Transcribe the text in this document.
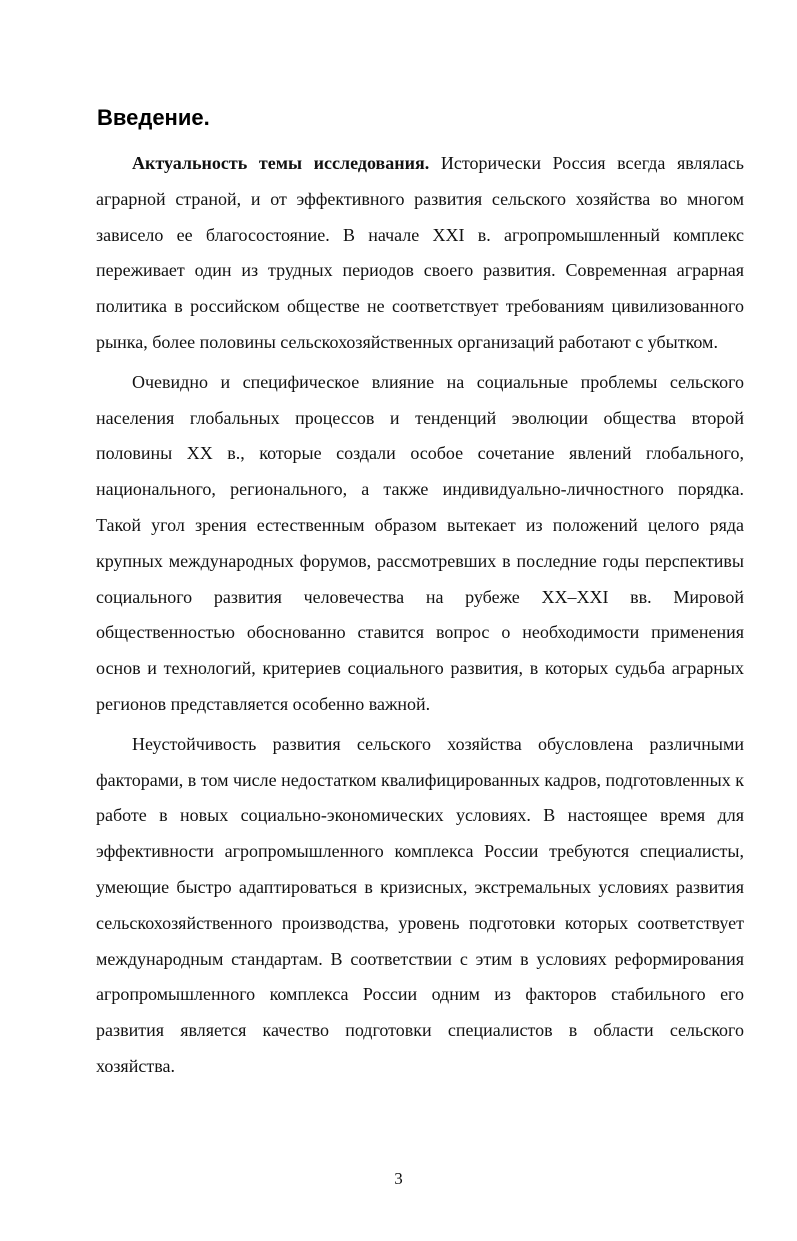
Введение.

Актуальность темы исследования. Исторически Россия всегда являлась аграрной страной, и от эффективного развития сельского хозяйства во многом зависело ее благосостояние. В начале XXI в. агропромышленный комплекс переживает один из трудных периодов своего развития. Современная аграрная политика в российском обществе не соответствует требованиям цивилизованного рынка, более половины сельскохозяйственных организаций работают с убытком.

Очевидно и специфическое влияние на социальные проблемы сельского населения глобальных процессов и тенденций эволюции общества второй половины XX в., которые создали особое сочетание явлений глобального, национального, регионального, а также индивидуально-личностного порядка. Такой угол зрения естественным образом вытекает из положений целого ряда крупных международных форумов, рассмотревших в последние годы перспективы социального развития человечества на рубеже XX–XXI вв. Мировой общественностью обоснованно ставится вопрос о необходимости применения основ и технологий, критериев социального развития, в которых судьба аграрных регионов представляется особенно важной.

Неустойчивость развития сельского хозяйства обусловлена различными факторами, в том числе недостатком квалифицированных кадров, подготовленных к работе в новых социально-экономических условиях. В настоящее время для эффективности агропромышленного комплекса России требуются специалисты, умеющие быстро адаптироваться в кризисных, экстремальных условиях развития сельскохозяйственного производства, уровень подготовки которых соответствует международным стандартам. В соответствии с этим в условиях реформирования агропромышленного комплекса России одним из факторов стабильного его развития является качество подготовки специалистов в области сельского хозяйства.

3
